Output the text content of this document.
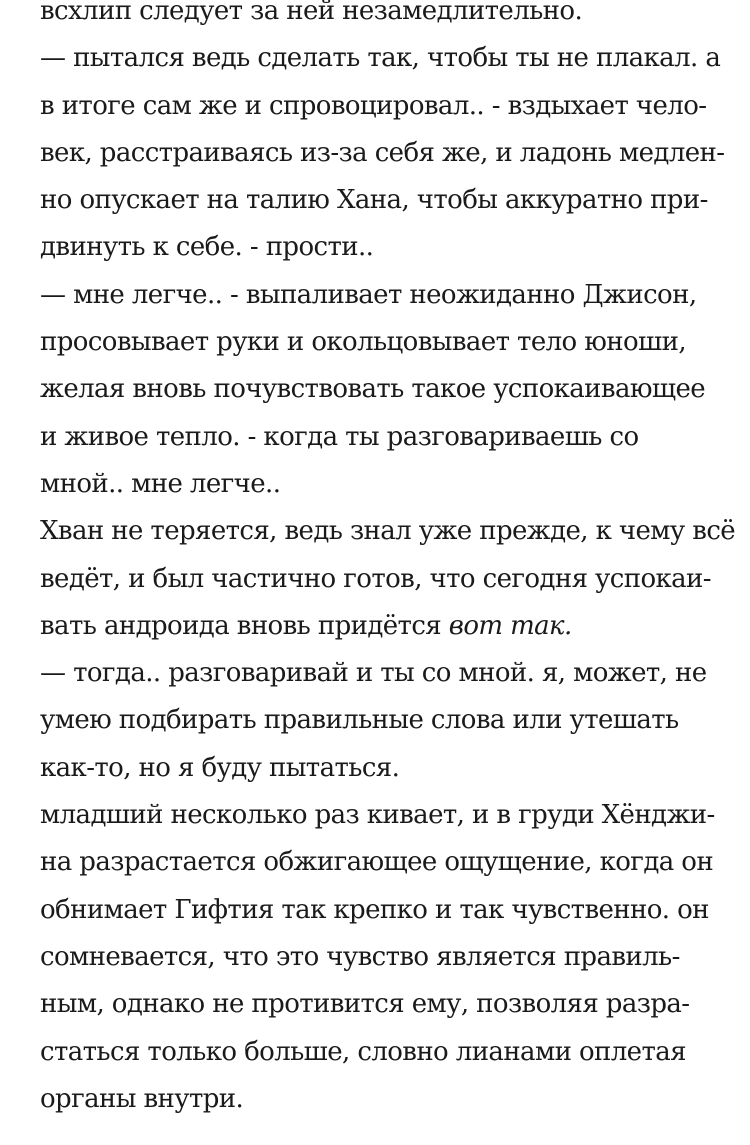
всхлип следует за ней незамедлительно.
— пытался ведь сделать так, чтобы ты не плакал. а
в итоге сам же и спровоцировал.. - вздыхает чело-
век, расстраиваясь из-за себя же, и ладонь медлен-
но опускает на талию Хана, чтобы аккуратно при-
двинуть к себе. - прости..
— мне легче.. - выпаливает неожиданно Джисон,
просовывает руки и окольцовывает тело юноши,
желая вновь почувствовать такое успокаивающее
и живое тепло. - когда ты разговариваешь со
мной.. мне легче..
Хван не теряется, ведь знал уже прежде, к чему всё
ведёт, и был частично готов, что сегодня успокаи-
вать андроида вновь придётся вот так.
— тогда.. разговаривай и ты со мной. я, может, не
умею подбирать правильные слова или утешать
как-то, но я буду пытаться.
младший несколько раз кивает, и в груди Хёнджи-
на разрастается обжигающее ощущение, когда он
обнимает Гифтия так крепко и так чувственно. он
сомневается, что это чувство является правиль-
ным, однако не противится ему, позволяя разра-
статься только больше, словно лианами оплетая
органы внутри.
